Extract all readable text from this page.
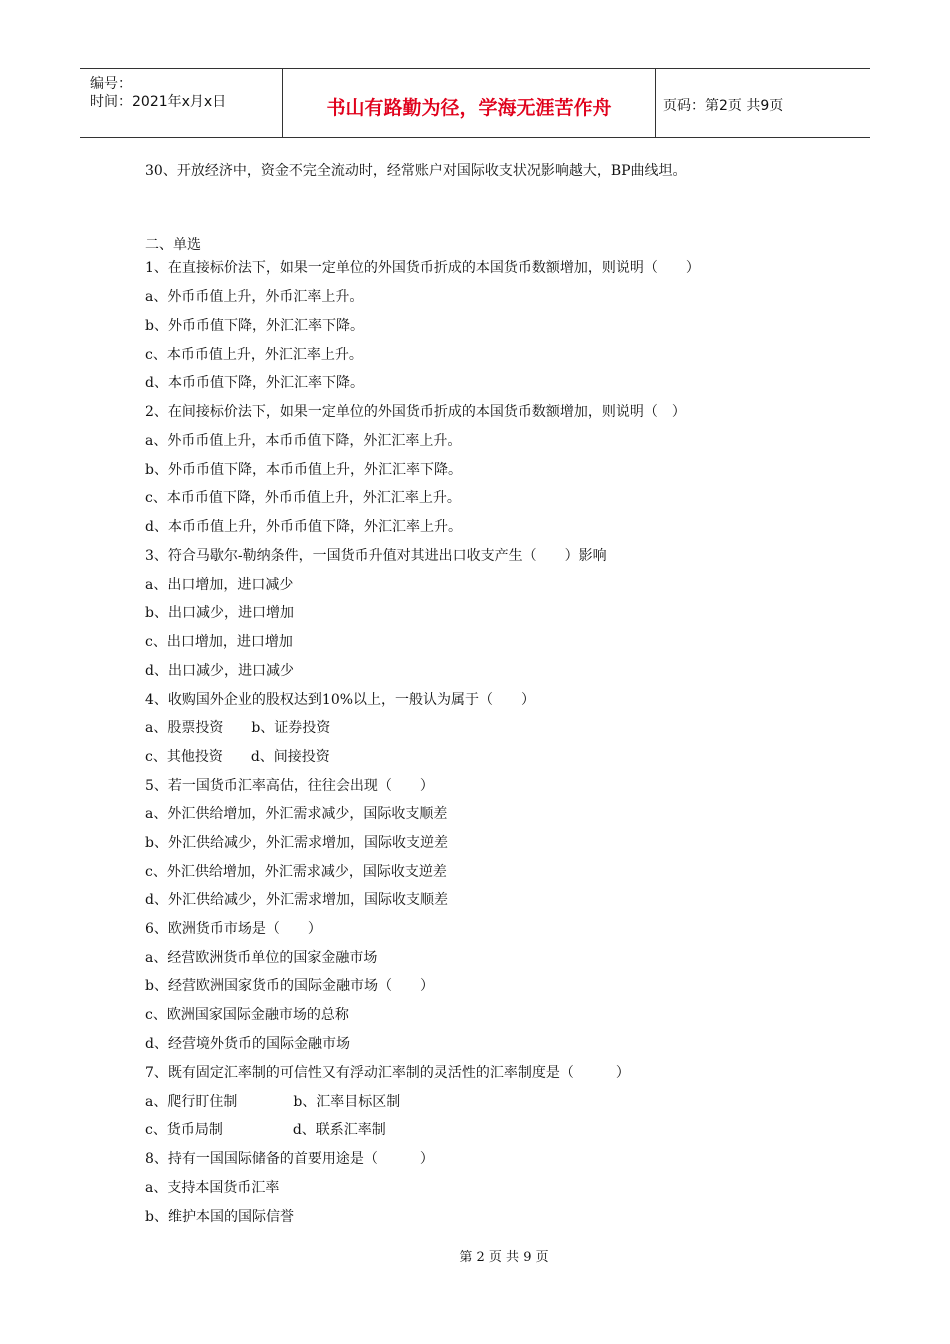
编号：
时间：2021年x月x日	书山有路勤为径，学海无涯苦作舟	页码：第2页 共9页
30、开放经济中，资金不完全流动时，经常账户对国际收支状况影响越大，BP曲线坦。
二、单选
1、在直接标价法下，如果一定单位的外国货币折成的本国货币数额增加，则说明（　　）
a、外币币值上升，外币汇率上升。
b、外币币值下降，外汇汇率下降。
c、本币币值上升，外汇汇率上升。
d、本币币值下降，外汇汇率下降。
2、在间接标价法下，如果一定单位的外国货币折成的本国货币数额增加，则说明（　）
a、外币币值上升，本币币值下降，外汇汇率上升。
b、外币币值下降，本币币值上升，外汇汇率下降。
c、本币币值下降，外币币值上升，外汇汇率上升。
d、本币币值上升，外币币值下降，外汇汇率上升。
3、符合马歇尔-勒纳条件，一国货币升值对其进出口收支产生（　　）影响
a、出口增加，进口减少
b、出口减少，进口增加
c、出口增加，进口增加
d、出口减少，进口减少
4、收购国外企业的股权达到10%以上，一般认为属于（　　）
a、股票投资　　b、证券投资
c、其他投资　　d、间接投资
5、若一国货币汇率高估，往往会出现（　　）
a、外汇供给增加，外汇需求减少，国际收支顺差
b、外汇供给减少，外汇需求增加，国际收支逆差
c、外汇供给增加，外汇需求减少，国际收支逆差
d、外汇供给减少，外汇需求增加，国际收支顺差
6、欧洲货币市场是（　　）
a、经营欧洲货币单位的国家金融市场
b、经营欧洲国家货币的国际金融市场（　　）
c、欧洲国家国际金融市场的总称
d、经营境外货币的国际金融市场
7、既有固定汇率制的可信性又有浮动汇率制的灵活性的汇率制度是（　　　）
a、爬行盯住制　　　　b、汇率目标区制
c、货币局制　　　　　d、联系汇率制
8、持有一国国际储备的首要用途是（　　　）
a、支持本国货币汇率
b、维护本国的国际信誉
第 2 页 共 9 页
